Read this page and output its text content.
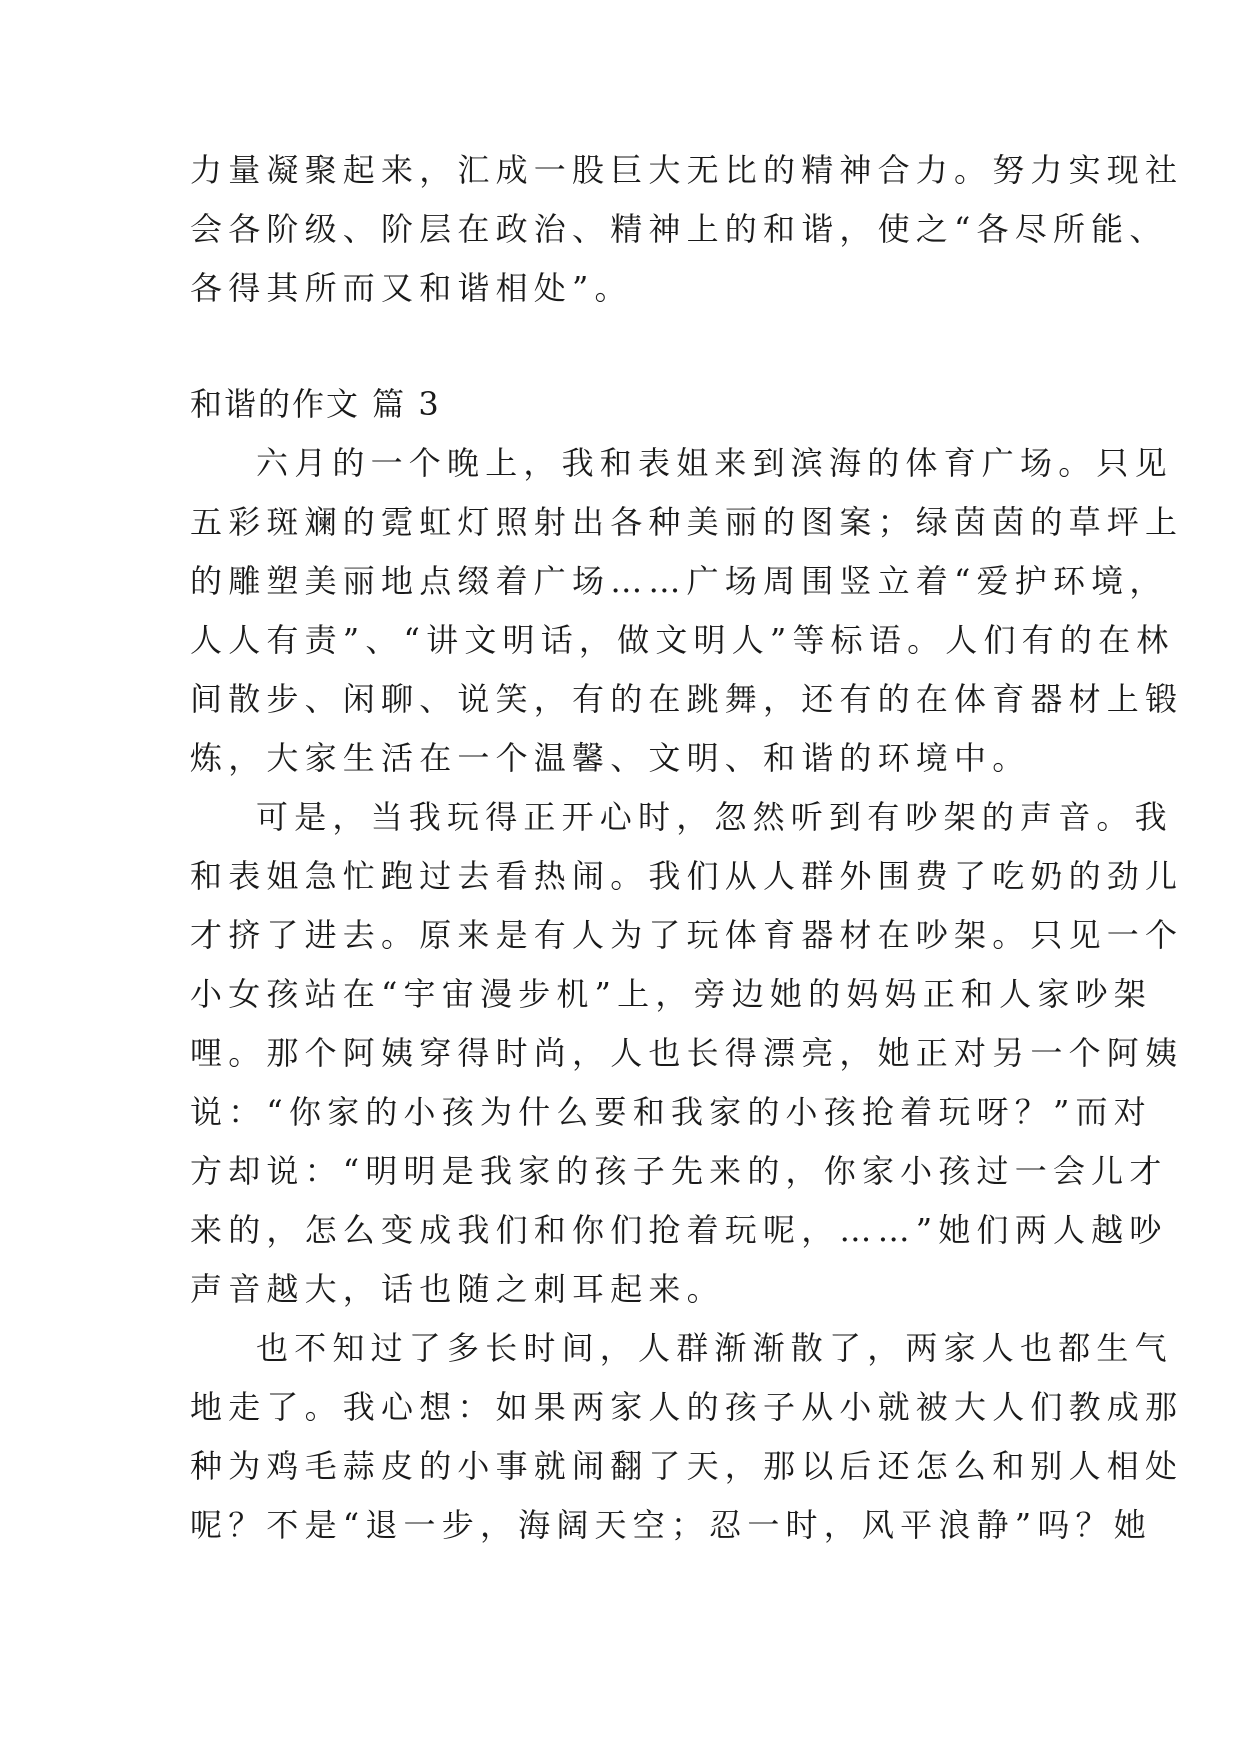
力量凝聚起来，汇成一股巨大无比的精神合力。努力实现社
会各阶级、阶层在政治、精神上的和谐，使之“各尽所能、
各得其所而又和谐相处”。
和谐的作文 篇 3
六月的一个晚上，我和表姐来到滨海的体育广场。只见
五彩斑斓的霓虹灯照射出各种美丽的图案；绿茵茵的草坪上
的雕塑美丽地点缀着广场……广场周围竖立着“爱护环境，
人人有责”、“讲文明话，做文明人”等标语。人们有的在林
间散步、闲聊、说笑，有的在跳舞，还有的在体育器材上锻
炼，大家生活在一个温馨、文明、和谐的环境中。
可是，当我玩得正开心时，忽然听到有吵架的声音。我
和表姐急忙跑过去看热闹。我们从人群外围费了吃奶的劲儿
才挤了进去。原来是有人为了玩体育器材在吵架。只见一个
小女孩站在“宇宙漫步机”上，旁边她的妈妈正和人家吵架
哩。那个阿姨穿得时尚，人也长得漂亮，她正对另一个阿姨
说：“你家的小孩为什么要和我家的小孩抢着玩呀？”而对
方却说：“明明是我家的孩子先来的，你家小孩过一会儿才
来的，怎么变成我们和你们抢着玩呢，……”她们两人越吵
声音越大，话也随之刺耳起来。
也不知过了多长时间，人群渐渐散了，两家人也都生气
地走了。我心想：如果两家人的孩子从小就被大人们教成那
种为鸡毛蒜皮的小事就闹翻了天，那以后还怎么和别人相处
呢？不是“退一步，海阔天空；忍一时，风平浪静”吗？她
